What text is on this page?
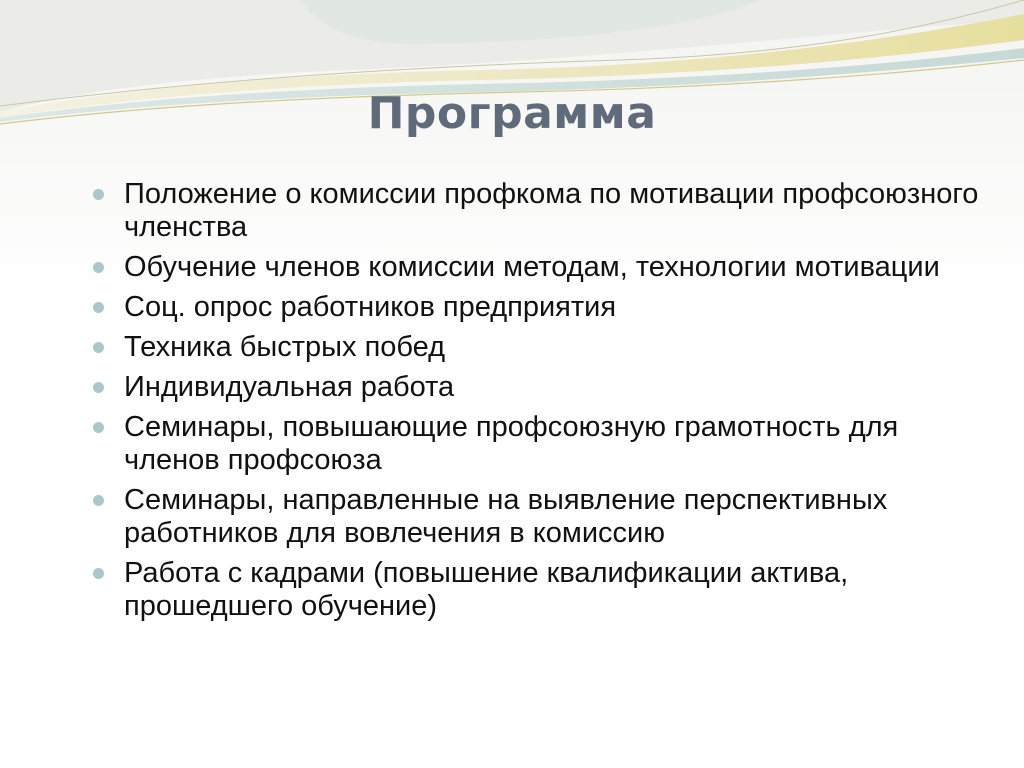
Программа
Положение о комиссии профкома по мотивации профсоюзного членства
Обучение членов комиссии методам, технологии мотивации
Соц. опрос работников предприятия
Техника быстрых побед
Индивидуальная работа
Семинары, повышающие профсоюзную грамотность для членов профсоюза
Семинары, направленные на выявление перспективных работников для вовлечения в комиссию
Работа с кадрами (повышение квалификации актива, прошедшего обучение)
